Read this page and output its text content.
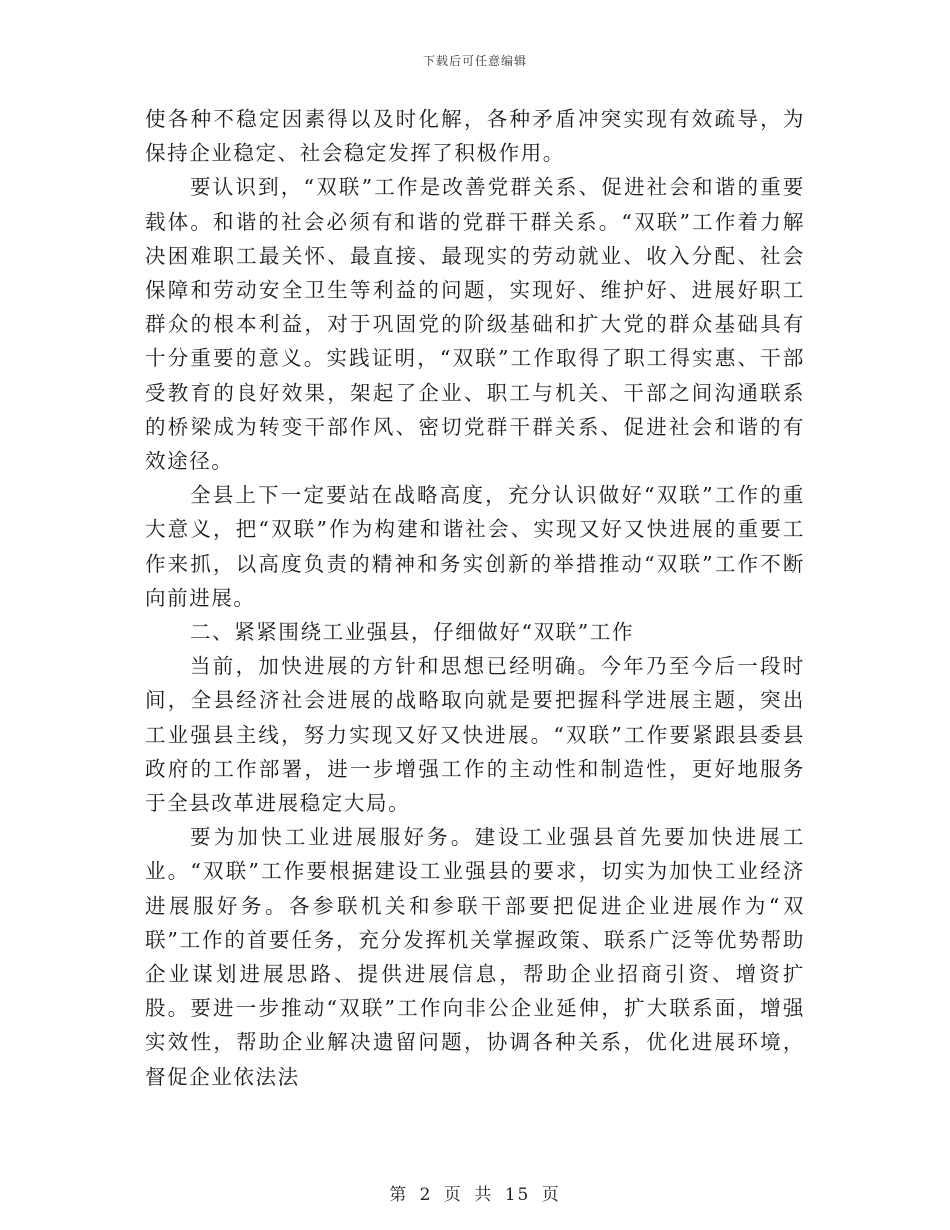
下载后可任意编辑

使各种不稳定因素得以及时化解，各种矛盾冲突实现有效疏导，为保持企业稳定、社会稳定发挥了积极作用。

要认识到，“双联”工作是改善党群关系、促进社会和谐的重要载体。和谐的社会必须有和谐的党群干群关系。“双联”工作着力解决困难职工最关怀、最直接、最现实的劳动就业、收入分配、社会保障和劳动安全卫生等利益的问题，实现好、维护好、进展好职工群众的根本利益，对于巩固党的阶级基础和扩大党的群众基础具有十分重要的意义。实践证明，“双联”工作取得了职工得实惠、干部受教育的良好效果，架起了企业、职工与机关、干部之间沟通联系的桥梁成为转变干部作风、密切党群干群关系、促进社会和谐的有效途径。

全县上下一定要站在战略高度，充分认识做好“双联”工作的重大意义，把“双联”作为构建和谐社会、实现又好又快进展的重要工作来抓，以高度负责的精神和务实创新的举措推动“双联”工作不断向前进展。

二、紧紧围绕工业强县，仔细做好“双联”工作

当前，加快进展的方针和思想已经明确。今年乃至今后一段时间，全县经济社会进展的战略取向就是要把握科学进展主题，突出工业强县主线，努力实现又好又快进展。“双联”工作要紧跟县委县政府的工作部署，进一步增强工作的主动性和制造性，更好地服务于全县改革进展稳定大局。

要为加快工业进展服好务。建设工业强县首先要加快进展工业。“双联”工作要根据建设工业强县的要求，切实为加快工业经济进展服好务。各参联机关和参联干部要把促进企业进展作为“双联”工作的首要任务，充分发挥机关掌握政策、联系广泛等优势帮助企业谋划进展思路、提供进展信息，帮助企业招商引资、增资扩股。要进一步推动“双联”工作向非公企业延伸，扩大联系面，增强实效性，帮助企业解决遗留问题，协调各种关系，优化进展环境，督促企业依法法

第 2 页 共 15 页
